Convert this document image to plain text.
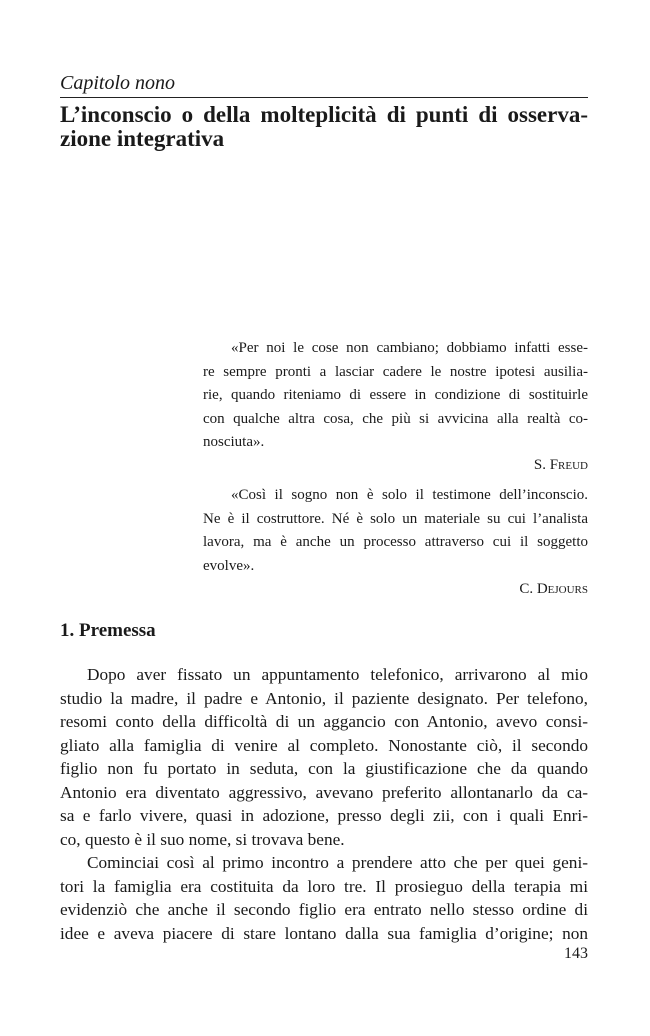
Capitolo nono
L’inconscio o della molteplicità di punti di osserva-
zione integrativa
«Per noi le cose non cambiano; dobbiamo infatti esse-
re sempre pronti a lasciar cadere le nostre ipotesi ausilia-
rie, quando riteniamo di essere in condizione di sostituirle
con qualche altra cosa, che più si avvicina alla realtà co-
nosciuta».
S. Freud
«Così il sogno non è solo il testimone dell’inconscio.
Ne è il costruttore. Né è solo un materiale su cui l’analista
lavora, ma è anche un processo attraverso cui il soggetto
evolve».
C. Dejours
1. Premessa
Dopo aver fissato un appuntamento telefonico, arrivarono al mio
studio la madre, il padre e Antonio, il paziente designato. Per telefono,
resomi conto della difficoltà di un aggancio con Antonio, avevo consi-
gliato alla famiglia di venire al completo. Nonostante ciò, il secondo
figlio non fu portato in seduta, con la giustificazione che da quando
Antonio era diventato aggressivo, avevano preferito allontanarlo da ca-
sa e farlo vivere, quasi in adozione, presso degli zii, con i quali Enri-
co, questo è il suo nome, si trovava bene.
Cominciai così al primo incontro a prendere atto che per quei geni-
tori la famiglia era costituita da loro tre. Il prosieguo della terapia mi
evidenziò che anche il secondo figlio era entrato nello stesso ordine di
idee e aveva piacere di stare lontano dalla sua famiglia d’origine; non
143
